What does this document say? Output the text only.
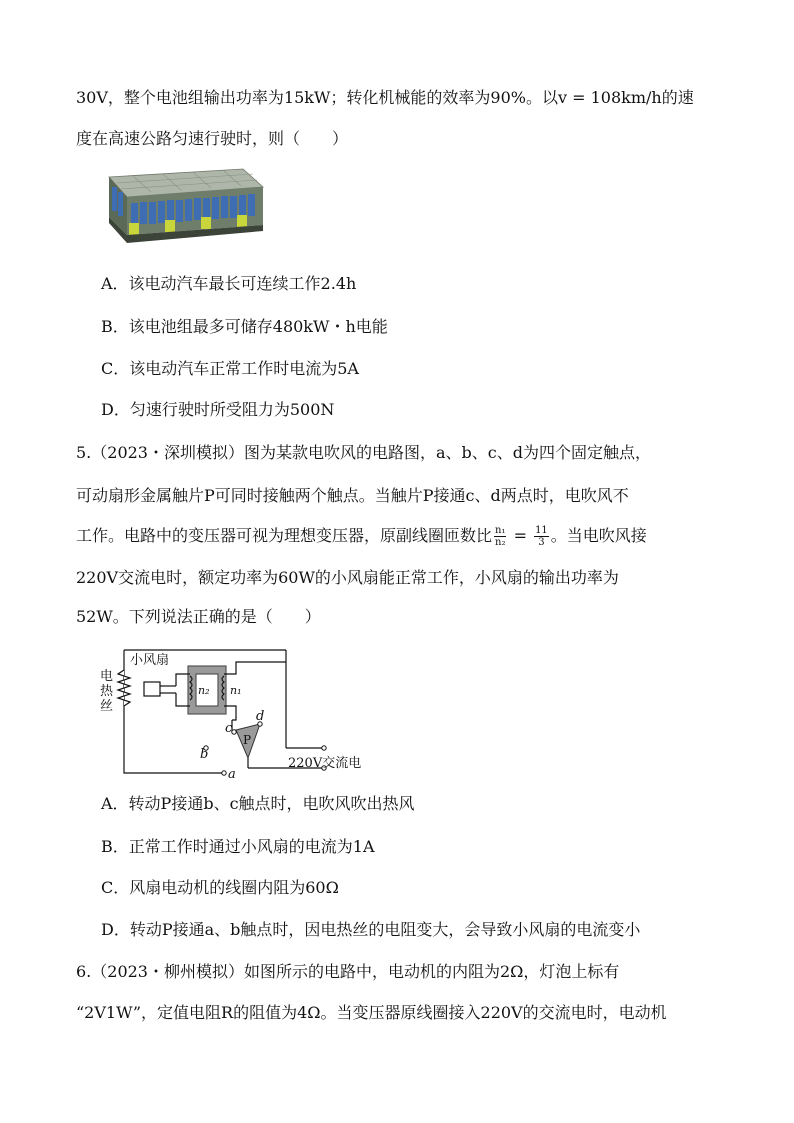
30V，整个电池组输出功率为15kW；转化机械能的效率为90%。以v = 108km/h的速
度在高速公路匀速行驶时，则（　　）
A．该电动汽车最长可连续工作2.4h
B．该电池组最多可储存480kW・h电能
C．该电动汽车正常工作时电流为5A
D．匀速行驶时所受阻力为500N
5.（2023・深圳模拟）图为某款电吹风的电路图，a、b、c、d为四个固定触点，
可动扇形金属触片P可同时接触两个触点。当触片P接通c、d两点时，电吹风不
工作。电路中的变压器可视为理想变压器，原副线圈匝数比 $\frac{\text{n₁}}{\text{n₂}} = \frac{11}{3}$ 。当电吹风接
220V交流电时，额定功率为60W的小风扇能正常工作，小风扇的输出功率为
52W。下列说法正确的是（　　）
小风扇
电
热
丝
n₂ n₁
b
c
d
a
P
220V交流电
A．转动P接通b、c触点时，电吹风吹出热风
B．正常工作时通过小风扇的电流为1A
C．风扇电动机的线圈内阻为60Ω
D．转动P接通a、b触点时，因电热丝的电阻变大，会导致小风扇的电流变小
6.（2023・柳州模拟）如图所示的电路中，电动机的内阻为2Ω，灯泡上标有
“2V1W”，定值电阻R的阻值为4Ω。当变压器原线圈接入220V的交流电时，电动机
